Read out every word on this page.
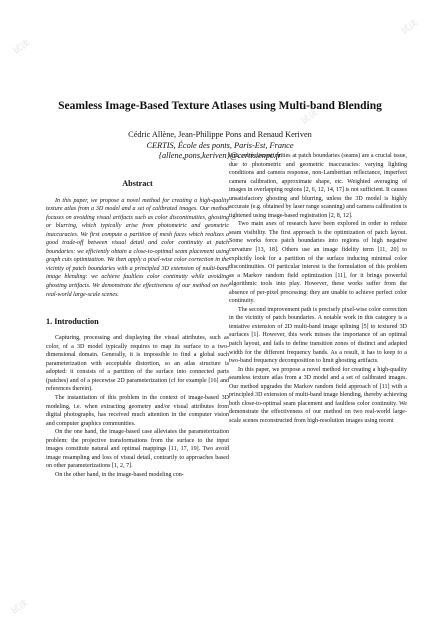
试读
试读
试读
试读
试读
Seamless Image-Based Texture Atlases using Multi-band Blending
Cédric Allène, Jean-Philippe Pons and Renaud Keriven
CERTIS, École des ponts, Paris-Est, France
{allene,pons,keriven}@certis.enpc.fr
Abstract

In this paper, we propose a novel method for creating a high-quality texture atlas from a 3D model and a set of calibrated images. Our method focuses on avoiding visual artifacts such as color discontinuities, ghosting or blurring, which typically arise from photometric and geometric inaccuracies. We first compute a partition of mesh faces which realizes a good trade-off between visual detail and color continuity at patch boundaries: we efficiently obtain a close-to-optimal seam placement using graph cuts optimization. We then apply a pixel-wise color correction in the vicinity of patch boundaries with a principled 3D extension of multi-band image blending: we achieve faultless color continuity while avoiding ghosting artifacts. We demonstrate the effectiveness of our method on two real-world large-scale scenes.

1. Introduction

Capturing, processing and displaying the visual attributes, such as color, of a 3D model typically requires to map its surface to a two-dimensional domain. Generally, it is impossible to find a global such parameterization with acceptable distortion, so an atlas structure is adopted: it consists of a partition of the surface into connected parts (patches) and of a piecewise 2D parameterization (cf for example [16] and references therein).

The instantiation of this problem in the context of image-based 3D modeling, i.e. when extracting geometry and/or visual attributes from digital photographs, has received much attention in the computer vision and computer graphics communities.

On the one hand, the image-based case alleviates the parameterization problem: the projective transformations from the surface to the input images constitute natural and optimal mappings [11, 17, 19]. Two avoid image resampling and loss of visual detail, contrarily to approaches based on other parameterizations [1, 2, 7].

On the other hand, in the image-based modeling con-

text, color discontinuities at patch boundaries (seams) are a crucial issue, due to photometric and geometric inaccuracies: varying lighting conditions and camera response, non-Lambertian reflectance, imperfect camera calibration, approximate shape, etc. Weighted averaging of images in overlapping regions [2, 6, 12, 14, 17] is not sufficient. It causes unsatisfactory ghosting and blurring, unless the 3D model is highly accurate (e.g. obtained by laser range scanning) and camera calibration is tightened using image-based registration [2, 8, 12].

Two main axes of research have been explored in order to reduce seam visibility. The first approach is the optimization of patch layout. Some works force patch boundaries into regions of high negative curvature [13, 18]. Others use an image fidelity term [11, 20] to explicitly look for a partition of the surface inducing minimal color discontinuities. Of particular interest is the formulation of this problem as a Markov random field optimization [11], for it brings powerful algorithmic tools into play. However, these works suffer from the absence of per-pixel processing: they are unable to achieve perfect color continuity.

The second improvement path is precisely pixel-wise color correction in the vicinity of patch boundaries. A notable work in this category is a tentative extension of 2D multi-band image splining [5] to textured 3D surfaces [1]. However, this work misses the importance of an optimal patch layout, and fails to define transition zones of distinct and adapted width for the different frequency bands. As a result, it has to keep to a two-band frequency decomposition to limit ghosting artifacts.

In this paper, we propose a novel method for creating a high-quality seamless texture atlas from a 3D model and a set of calibrated images. Our method upgrades the Markov random field approach of [11] with a principled 3D extension of multi-band image blending, thereby achieving both close-to-optimal seam placement and faultless color continuity. We demonstrate the effectiveness of our method on two real-world large-scale scenes reconstructed from high-resolution images using recent
